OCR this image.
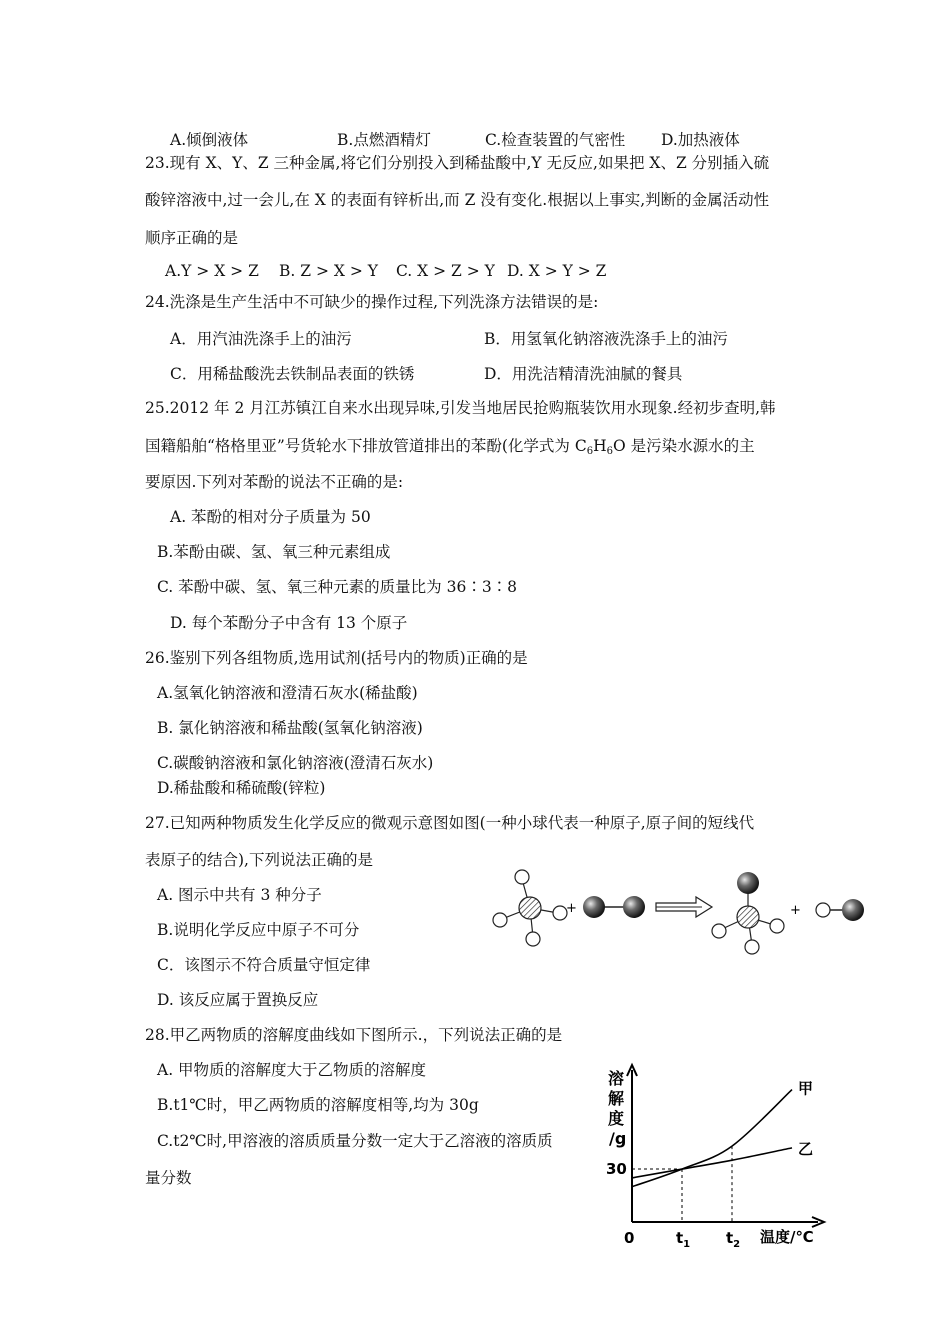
A.倾倒液体	B.点燃酒精灯	C.检查装置的气密性 D.加热液体
23.现有 X、Y、Z 三种金属,将它们分别投入到稀盐酸中,Y 无反应,如果把 X、Z 分别插入硫
酸锌溶液中,过一会儿,在 X 的表面有锌析出,而 Z 没有变化.根据以上事实,判断的金属活动性
顺序正确的是
A.Y > X > Z B. Z > X > Y C. X > Z > Y D. X > Y > Z
24.洗涤是生产生活中不可缺少的操作过程,下列洗涤方法错误的是:
A．用汽油洗涤手上的油污	B．用氢氧化钠溶液洗涤手上的油污
C．用稀盐酸洗去铁制品表面的铁锈	D．用洗洁精清洗油腻的餐具
25.2012 年 2 月江苏镇江自来水出现异味,引发当地居民抢购瓶装饮用水现象.经初步查明,韩
国籍船舶“格格里亚”号货轮水下排放管道排出的苯酚(化学式为 $C_6H_6O$ 是污染水源水的主
要原因.下列对苯酚的说法不正确的是:
A. 苯酚的相对分子质量为 50
B.苯酚由碳、氢、氧三种元素组成
C. 苯酚中碳、氢、氧三种元素的质量比为 36∶3∶8
D. 每个苯酚分子中含有 13 个原子
26.鉴别下列各组物质,选用试剂(括号内的物质)正确的是
A.氢氧化钠溶液和澄清石灰水(稀盐酸)
B. 氯化钠溶液和稀盐酸(氢氧化钠溶液)
C.碳酸钠溶液和氯化钠溶液(澄清石灰水)
D.稀盐酸和稀硫酸(锌粒)
27.已知两种物质发生化学反应的微观示意图如图(一种小球代表一种原子,原子间的短线代
表原子的结合),下列说法正确的是
A. 图示中共有 3 种分子
B.说明化学反应中原子不可分
C．该图示不符合质量守恒定律
D. 该反应属于置换反应
+	+
28.甲乙两物质的溶解度曲线如下图所示.，下列说法正确的是
A. 甲物质的溶解度大于乙物质的溶解度
B.t1℃时，甲乙两物质的溶解度相等,均为 30g
C.t2℃时,甲溶液的溶质质量分数一定大于乙溶液的溶质质
量分数
溶
解
度
/g
0
30
$t_1$ $t_2$ 温度/℃
甲
乙
